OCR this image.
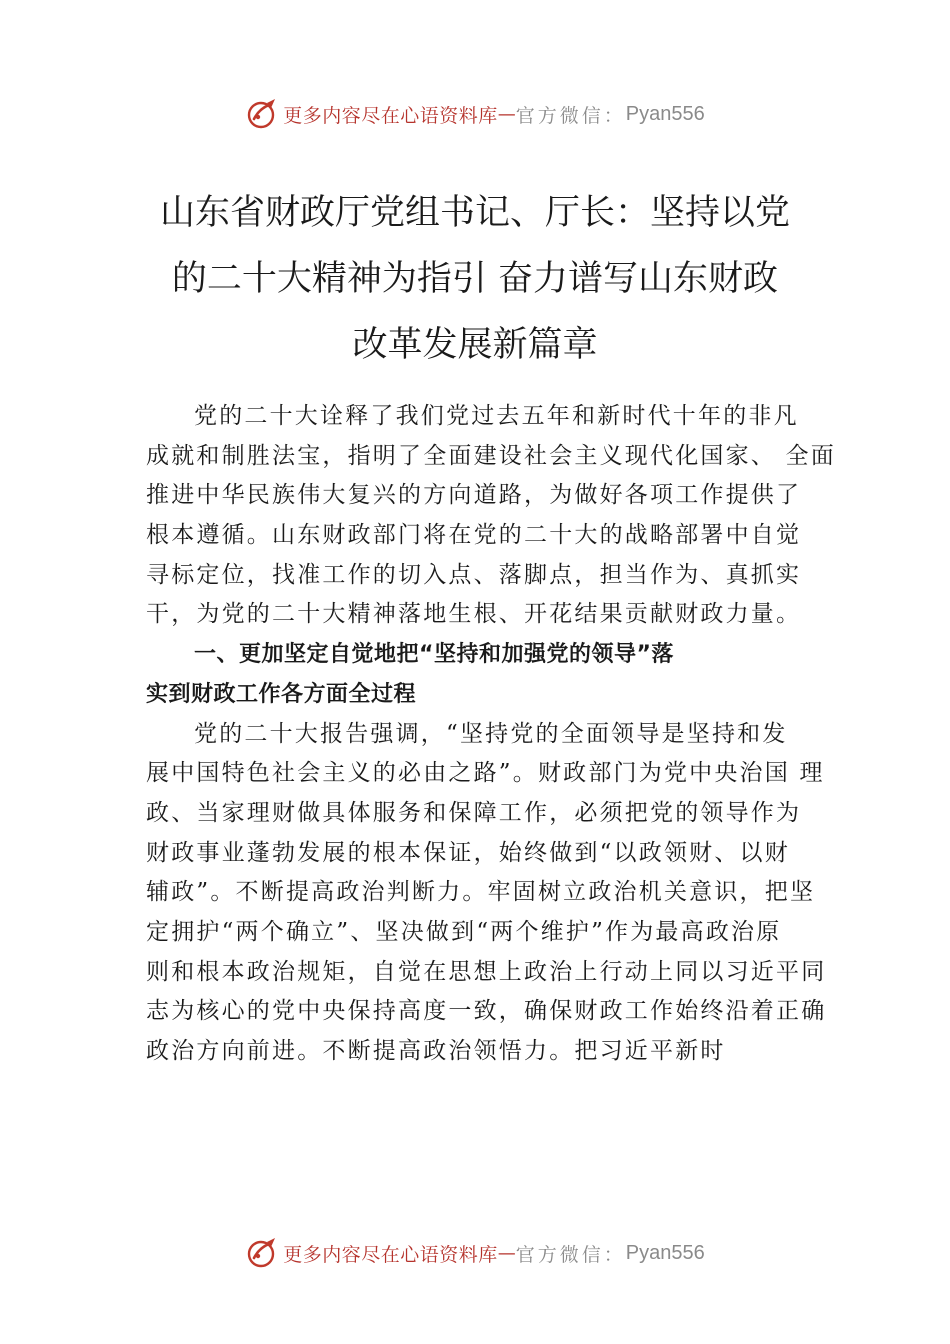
更多内容尽在心语资料库 — 官方微信： Pyan556
山东省财政厅党组书记、厅长：坚持以党
的二十大精神为指引 奋力谱写山东财政
改革发展新篇章
党的二十大诠释了我们党过去五年和新时代十年的非凡
成就和制胜法宝，指明了全面建设社会主义现代化国家、 全面
推进中华民族伟大复兴的方向道路，为做好各项工作提供了
根本遵循。山东财政部门将在党的二十大的战略部署中自觉
寻标定位，找准工作的切入点、落脚点，担当作为、真抓实
干，为党的二十大精神落地生根、开花结果贡献财政力量。
一、更加坚定自觉地把“坚持和加强党的领导”落
实到财政工作各方面全过程
党的二十大报告强调，“坚持党的全面领导是坚持和发
展中国特色社会主义的必由之路”。财政部门为党中央治国 理
政、当家理财做具体服务和保障工作，必须把党的领导作为
财政事业蓬勃发展的根本保证，始终做到“以政领财、以财
辅政”。不断提高政治判断力。牢固树立政治机关意识，把坚
定拥护“两个确立”、坚决做到“两个维护”作为最高政治原
则和根本政治规矩，自觉在思想上政治上行动上同以习近平同
志为核心的党中央保持高度一致，确保财政工作始终沿着正确
政治方向前进。不断提高政治领悟力。把习近平新时
更多内容尽在心语资料库 — 官方微信： Pyan556
